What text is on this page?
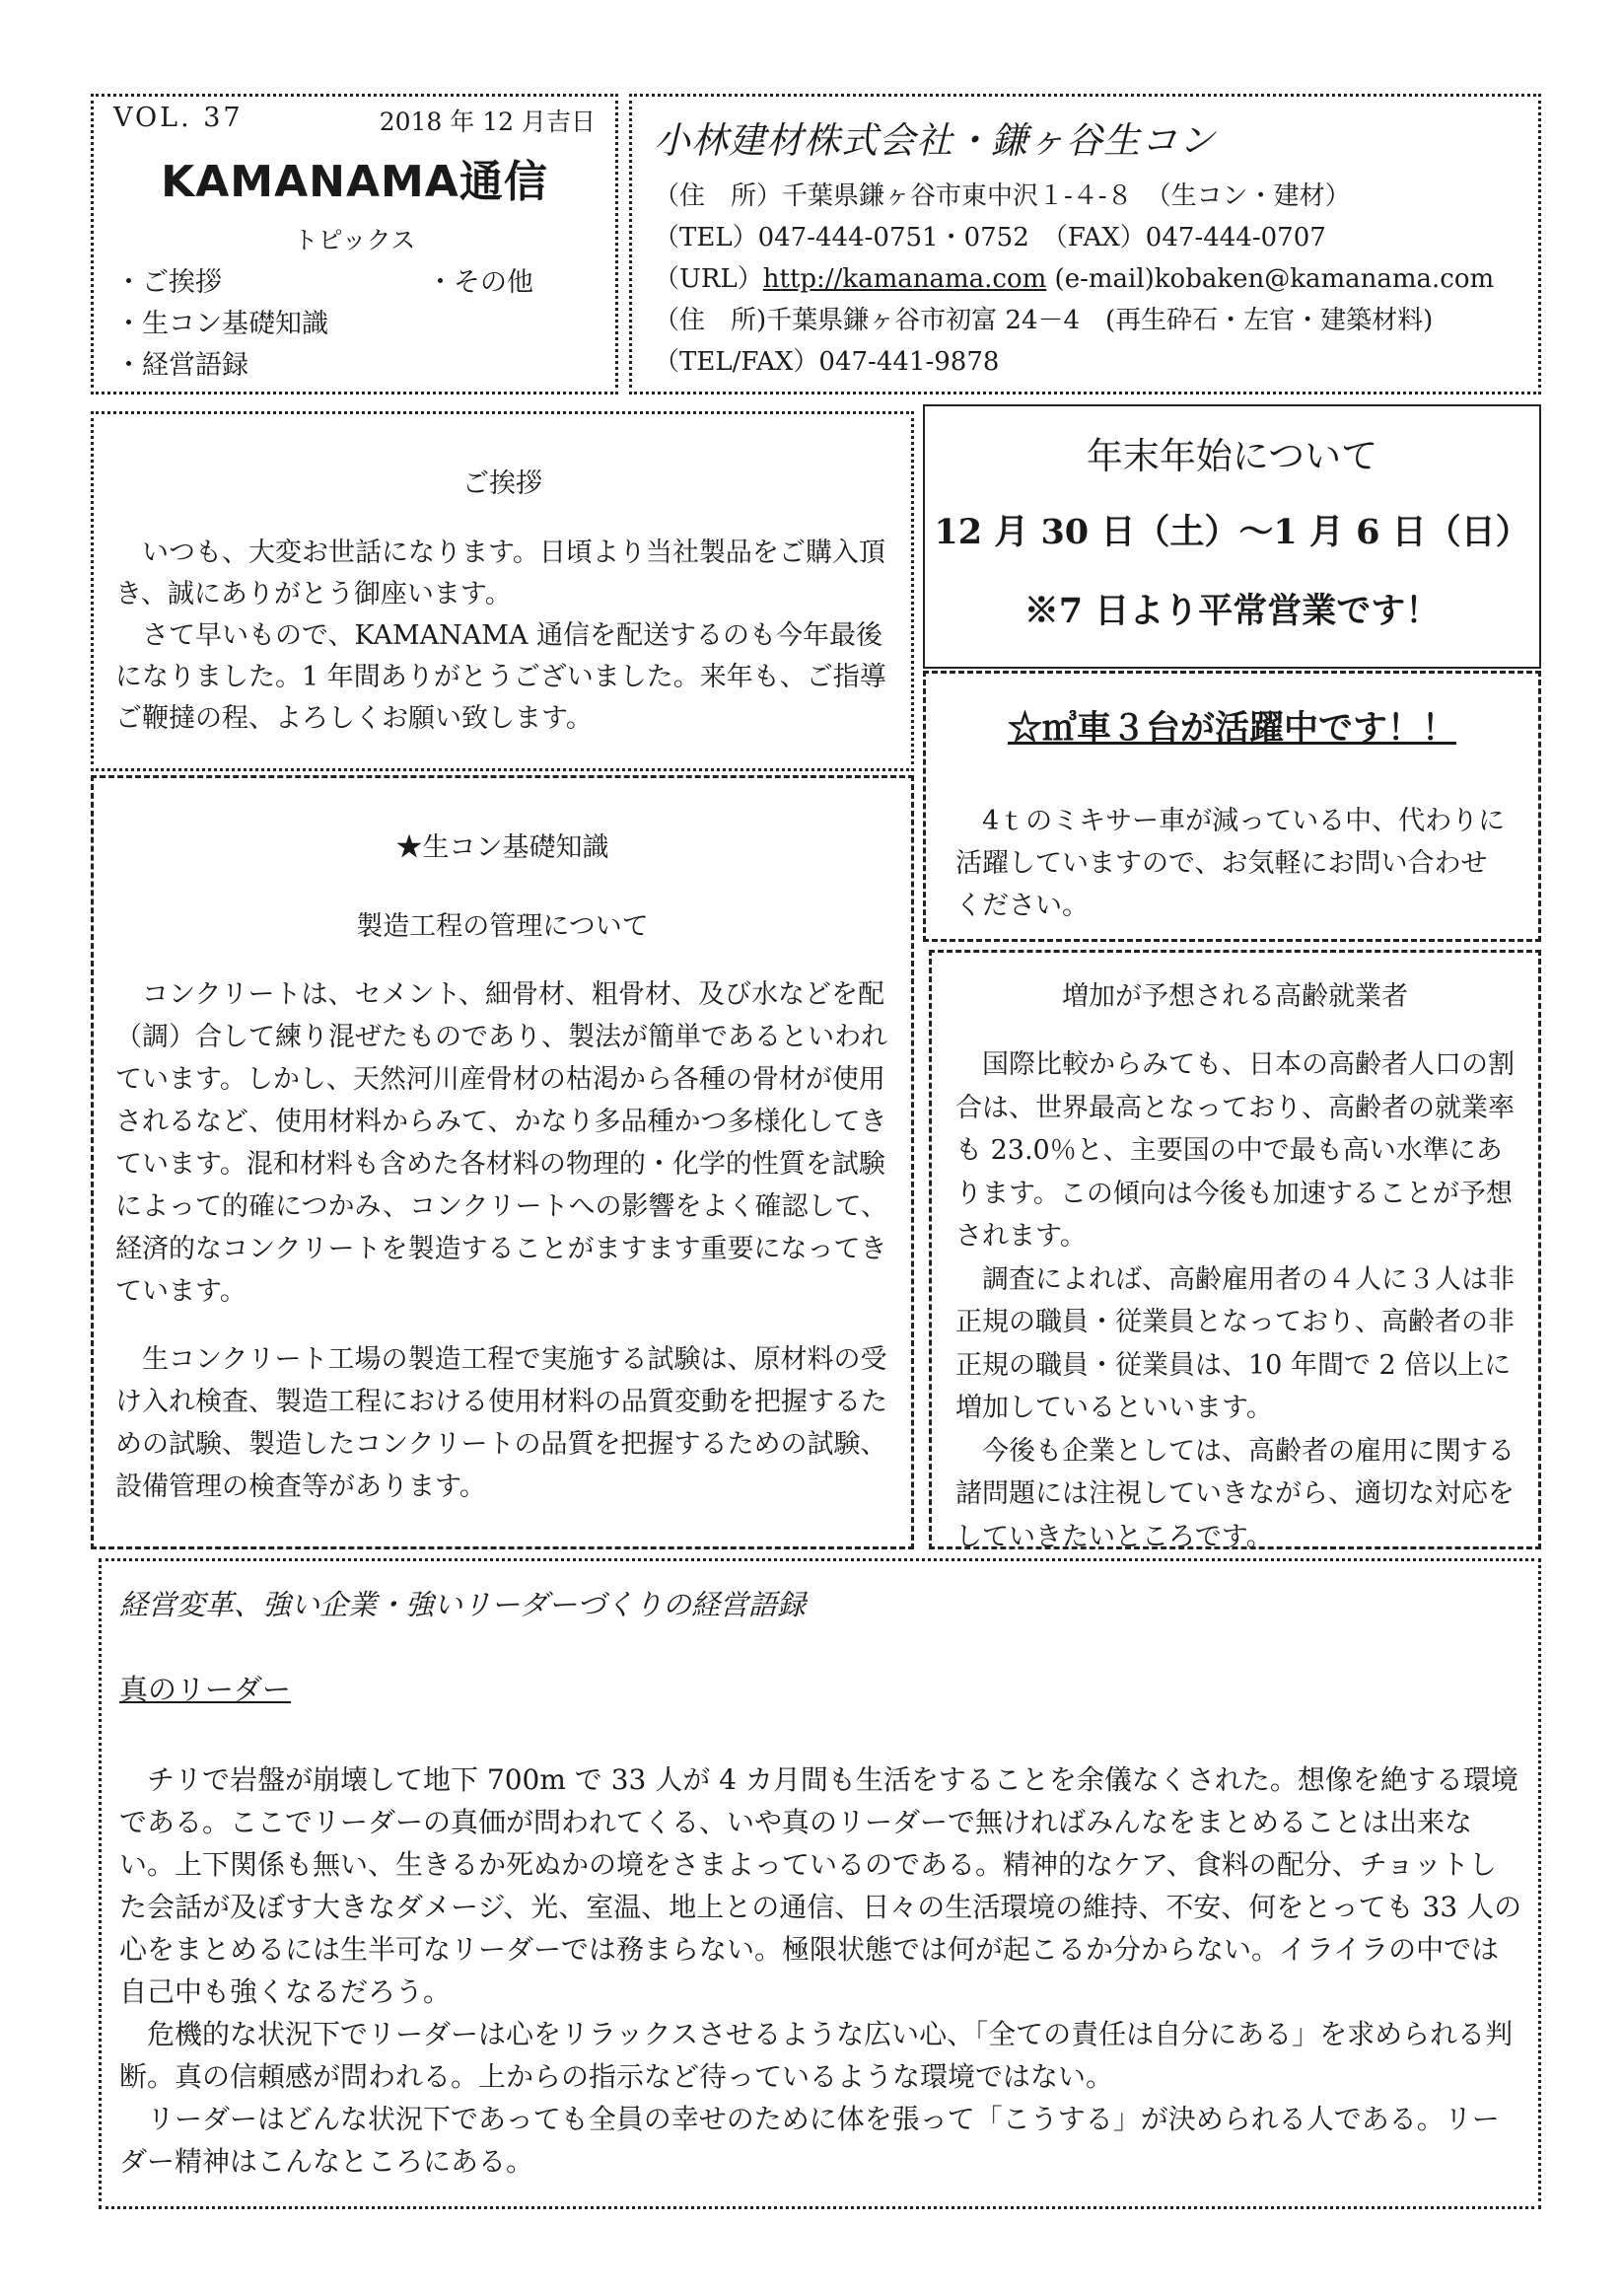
VOL. 37	2018 年 12 月吉日
KAMANAMA通信
トピックス
・ご挨拶	・その他
・生コン基礎知識
・経営語録
小林建材株式会社・鎌ヶ谷生コン
（住　所）千葉県鎌ヶ谷市東中沢１-４-８　（生コン・建材）
（TEL）047‐444‐0751・0752　（FAX）047‐444‐0707
（URL）http://kamanama.com (e-mail)kobaken@kamanama.com
（住　所)千葉県鎌ヶ谷市初富 24－4　(再生砕石・左官・建築材料)
（TEL/FAX）047‐441‐9878
ご挨拶

　いつも、大変お世話になります。日頃より当社製品をご購入頂き、誠にありがとう御座います。
　さて早いもので、KAMANAMA 通信を配送するのも今年最後になりました。1 年間ありがとうございました。来年も、ご指導ご鞭撻の程、よろしくお願い致します。

年末年始について
12 月 30 日（土）～1 月 6 日（日）
※7 日より平常営業です！
☆㎥車３台が活躍中です！！

　4ｔのミキサー車が減っている中、代わりに活躍していますので、お気軽にお問い合わせください。

★生コン基礎知識
製造工程の管理について

　コンクリートは、セメント、細骨材、粗骨材、及び水などを配（調）合して練り混ぜたものであり、製法が簡単であるといわれています。しかし、天然河川産骨材の枯渇から各種の骨材が使用されるなど、使用材料からみて、かなり多品種かつ多様化してきています。混和材料も含めた各材料の物理的・化学的性質を試験によって的確につかみ、コンクリートへの影響をよく確認して、経済的なコンクリートを製造することがますます重要になってきています。

　生コンクリート工場の製造工程で実施する試験は、原材料の受け入れ検査、製造工程における使用材料の品質変動を把握するための試験、製造したコンクリートの品質を把握するための試験、設備管理の検査等があります。

増加が予想される高齢就業者

　国際比較からみても、日本の高齢者人口の割合は、世界最高となっており、高齢者の就業率も 23.0％と、主要国の中で最も高い水準にあります。この傾向は今後も加速することが予想されます。
　調査によれば、高齢雇用者の４人に３人は非正規の職員・従業員となっており、高齢者の非正規の職員・従業員は、10 年間で 2 倍以上に増加しているといいます。
　今後も企業としては、高齢者の雇用に関する諸問題には注視していきながら、適切な対応をしていきたいところです。

経営変革、強い企業・強いリーダーづくりの経営語録
真のリーダー

　チリで岩盤が崩壊して地下 700m で 33 人が 4 カ月間も生活をすることを余儀なくされた。想像を絶する環境である。ここでリーダーの真価が問われてくる、いや真のリーダーで無ければみんなをまとめることは出来ない。上下関係も無い、生きるか死ぬかの境をさまよっているのである。精神的なケア、食料の配分、チョットした会話が及ぼす大きなダメージ、光、室温、地上との通信、日々の生活環境の維持、不安、何をとっても 33 人の心をまとめるには生半可なリーダーでは務まらない。極限状態では何が起こるか分からない。イライラの中では自己中も強くなるだろう。
　危機的な状況下でリーダーは心をリラックスさせるような広い心、「全ての責任は自分にある」を求められる判断。真の信頼感が問われる。上からの指示など待っているような環境ではない。
　リーダーはどんな状況下であっても全員の幸せのために体を張って「こうする」が決められる人である。リーダー精神はこんなところにある。
